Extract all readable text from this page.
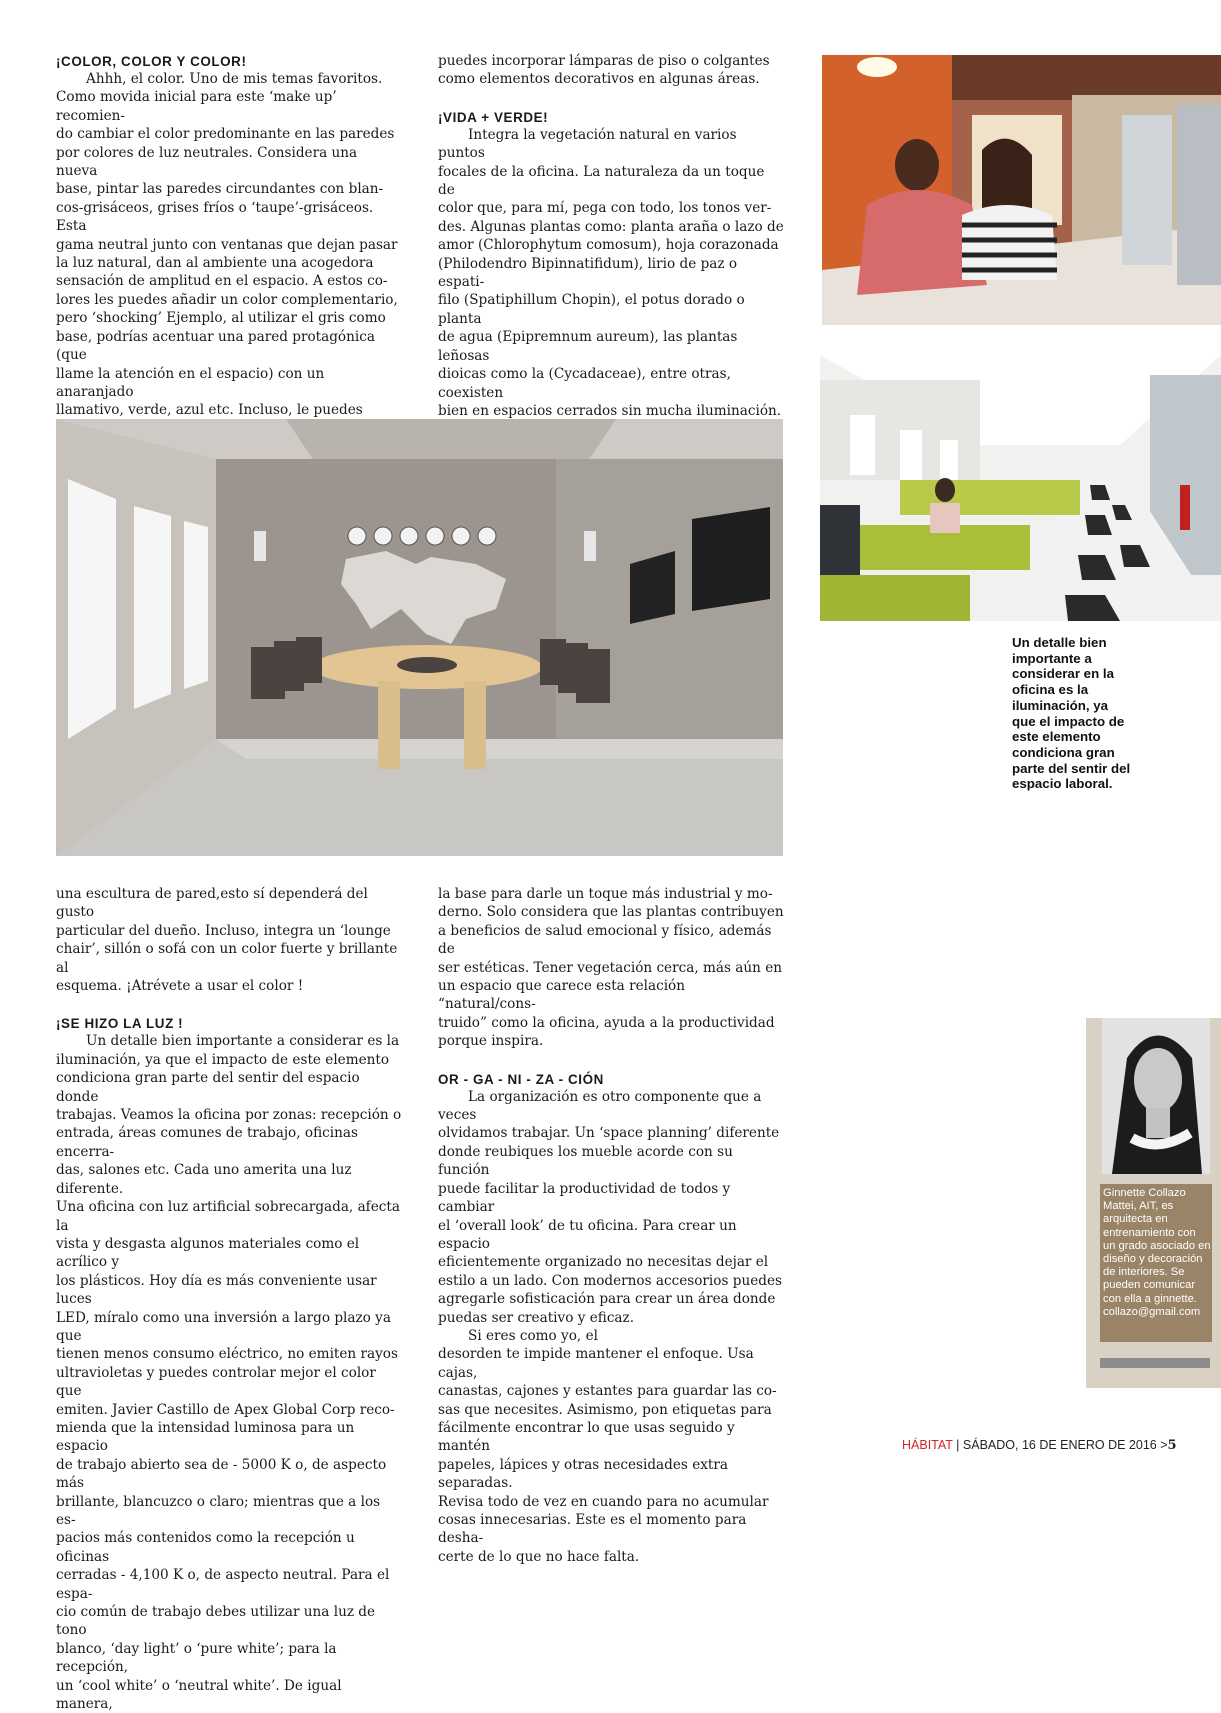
¡COLOR, COLOR Y COLOR!

Ahhh, el color. Uno de mis temas favoritos.

Como movida inicial para este ‘make up’ recomien-

do cambiar el color predominante en las paredes

por colores de luz neutrales. Considera una nueva

base, pintar las paredes circundantes con blan-

cos-grisáceos, grises fríos o ‘taupe’-grisáceos. Esta

gama neutral junto con ventanas que dejan pasar

la luz natural, dan al ambiente una acogedora

sensación de amplitud en el espacio. A estos co-

lores les puedes añadir un color complementario,

pero ‘shocking’ Ejemplo, al utilizar el gris como

base, podrías acentuar una pared protagónica (que

llame la atención en el espacio) con un anaranjado

llamativo, verde, azul etc. Incluso, le puedes

puedes incorporar lámparas de piso o colgantes

como elementos decorativos en algunas áreas.

¡VIDA + VERDE!

Integra la vegetación natural en varios puntos

focales de la oficina. La naturaleza da un toque de

color que, para mí, pega con todo, los tonos ver-

des. Algunas plantas como: planta araña o lazo de

amor (Chlorophytum comosum), hoja corazonada

(Philodendro Bipinnatifidum), lirio de paz o espati-

filo (Spatiphillum Chopin), el potus dorado o planta

de agua (Epipremnum aureum), las plantas leñosas

dioicas como la (Cycadaceae), entre otras, coexisten

bien en espacios cerrados sin mucha iluminación.

Un detalle bien
importante a
considerar en la
oficina es la
iluminación, ya
que el impacto de
este elemento
condiciona gran
parte del sentir del
espacio laboral.

una escultura de pared,esto sí dependerá del gusto

particular del dueño. Incluso, integra un ‘lounge

chair’, sillón o sofá con un color fuerte y brillante al

esquema. ¡Atrévete a usar el color !

¡SE HIZO LA LUZ !

Un detalle bien importante a considerar es la

iluminación, ya que el impacto de este elemento

condiciona gran parte del sentir del espacio donde

trabajas. Veamos la oficina por zonas: recepción o

entrada, áreas comunes de trabajo, oficinas encerra-

das, salones etc. Cada uno amerita una luz diferente.

Una oficina con luz artificial sobrecargada, afecta la

vista y desgasta algunos materiales como el acrílico y

los plásticos. Hoy día es más conveniente usar luces

LED, míralo como una inversión a largo plazo ya que

tienen menos consumo eléctrico, no emiten rayos

ultravioletas y puedes controlar mejor el color que

emiten. Javier Castillo de Apex Global Corp reco-

mienda que la intensidad luminosa para un espacio

de trabajo abierto sea de - 5000 K o, de aspecto más

brillante, blancuzco o claro; mientras que a los es-

pacios más contenidos como la recepción u oficinas

cerradas - 4,100 K o, de aspecto neutral. Para el espa-

cio común de trabajo debes utilizar una luz de tono

blanco, ‘day light’ o ‘pure white’; para la recepción,

un ‘cool white’ o ‘neutral white’. De igual manera,

la base para darle un toque más industrial y mo-

derno. Solo considera que las plantas contribuyen

a beneficios de salud emocional y físico, además de

ser estéticas. Tener vegetación cerca, más aún en

un espacio que carece esta relación “natural/cons-

truido” como la oficina, ayuda a la productividad

porque inspira.

OR - GA - NI - ZA - CIÓN

La organización es otro componente que a veces

olvidamos trabajar. Un ‘space planning’ diferente

donde reubiques los mueble acorde con su función

puede facilitar la productividad de todos y cambiar

el ‘overall look’ de tu oficina. Para crear un espacio

eficientemente organizado no necesitas dejar el

estilo a un lado. Con modernos accesorios puedes

agregarle sofisticación para crear un área donde

puedas ser creativo y eficaz.

Si eres como yo, el

desorden te impide mantener el enfoque. Usa cajas,

canastas, cajones y estantes para guardar las co-

sas que necesites. Asimismo, pon etiquetas para

fácilmente encontrar lo que usas seguido y mantén

papeles, lápices y otras necesidades extra separadas.

Revisa todo de vez en cuando para no acumular

cosas innecesarias. Este es el momento para desha-

certe de lo que no hace falta.

Ginnette Collazo
Mattei, AIT, es
arquitecta en
entrenamiento con
un grado asociado en
diseño y decoración
de interiores. Se
pueden comunicar
con ella a ginnette.
collazo@gmail.com
HÁBITAT | SÁBADO, 16 DE ENERO DE 2016 >5
